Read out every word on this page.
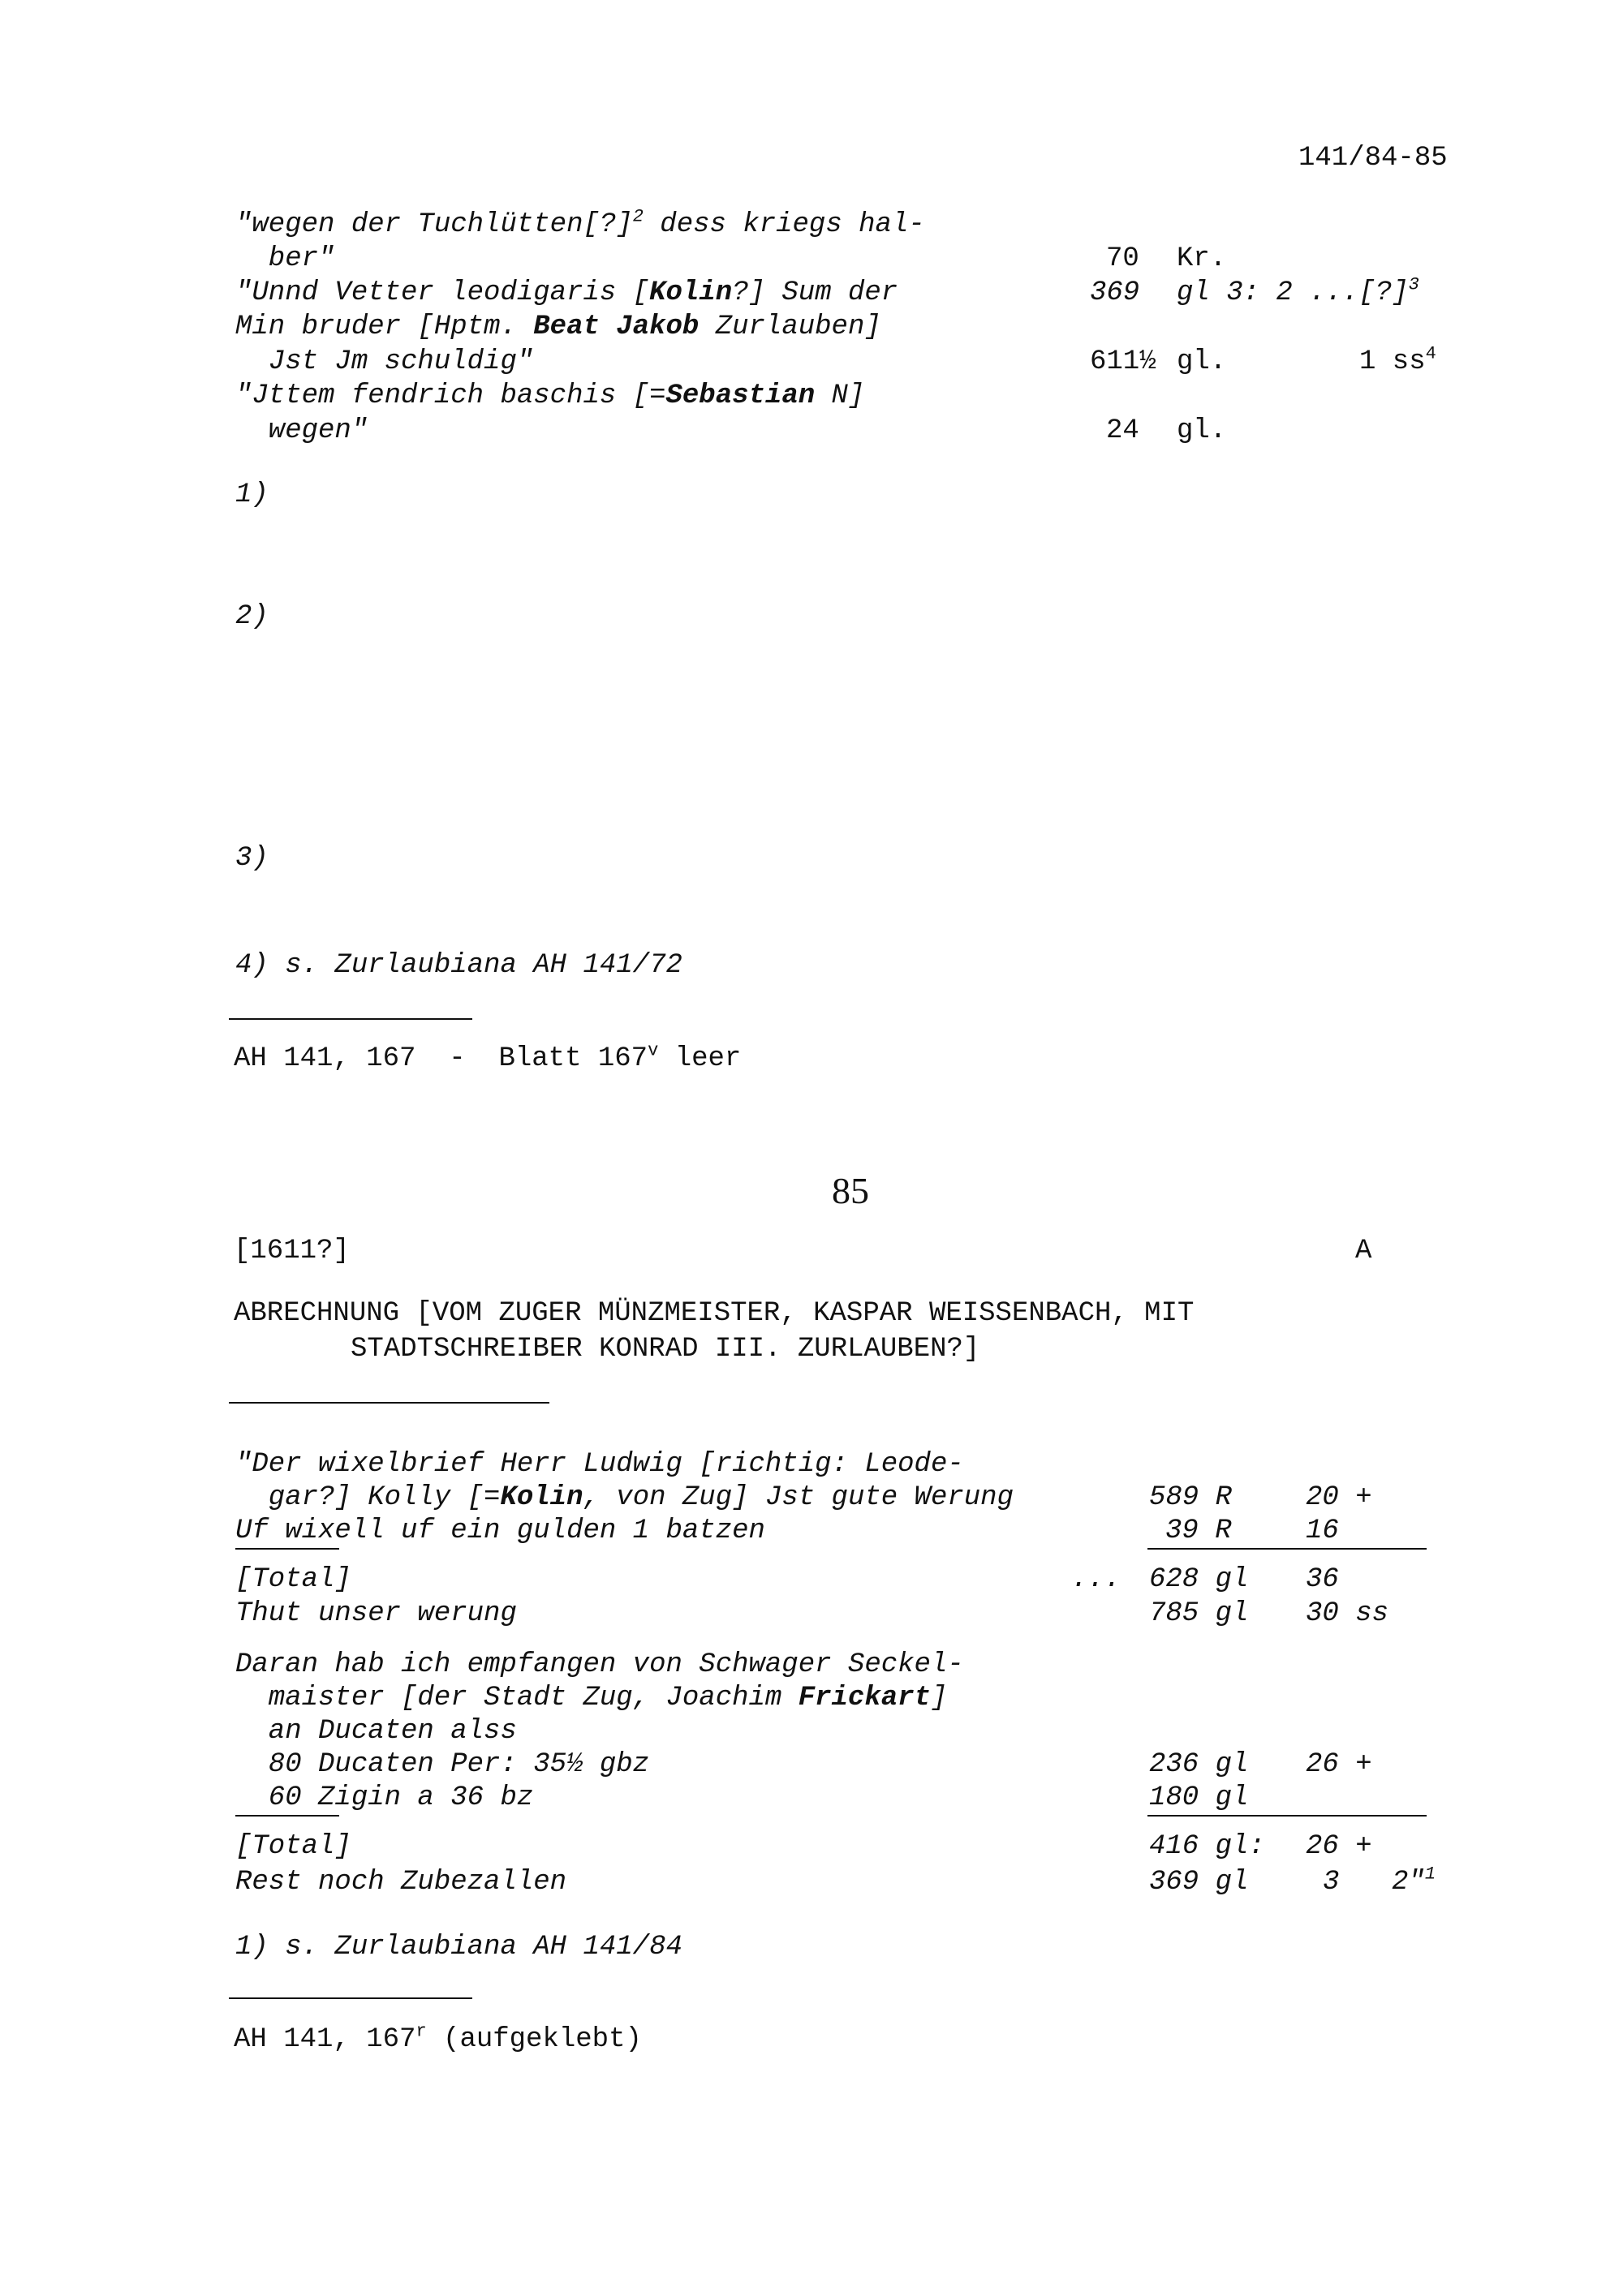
141/84-85
"wegen der Tuchlütten[?]$^2$ dess kriegs hal-
ber"	70 Kr.
"Unnd Vetter leodigaris [Kolin?] Sum der	369 gl 3: 2 ...[?]$^3$
Min bruder [Hptm. Beat Jakob Zurlauben]
Jst Jm schuldig"	611½ gl.	1 $ss^4$
"Jttem fendrich baschis [=Sebastian N]
wegen"	24 gl.
1)
2)
3)
4) s. Zurlaubiana AH 141/72
AH 141, 167  -  Blatt 167$^v$ leer
85
[1611?]	A
ABRECHNUNG [VOM ZUGER MÜNZMEISTER, KASPAR WEISSENBACH, MIT
STADTSCHREIBER KONRAD III. ZURLAUBEN?]
"Der wixelbrief Herr Ludwig [richtig: Leode-
gar?] Kolly [=Kolin, von Zug] Jst gute Werung	589 R	20 +
Uf wixell uf ein gulden 1 batzen	39 R	16
[Total]	... 628 gl 36
Thut unser werung	785 gl 30 ss
Daran hab ich empfangen von Schwager Seckel-
maister [der Stadt Zug, Joachim Frickart]
an Ducaten alss
80 Ducaten Per: 35½ gbz	236 gl 26 +
60 Zigin a 36 bz	180 gl
[Total]	416 gl: 26 +
Rest noch Zubezallen	369 gl	3 2"$^1$
1) s. Zurlaubiana AH 141/84
AH 141, 167$^r$ (aufgeklebt)
